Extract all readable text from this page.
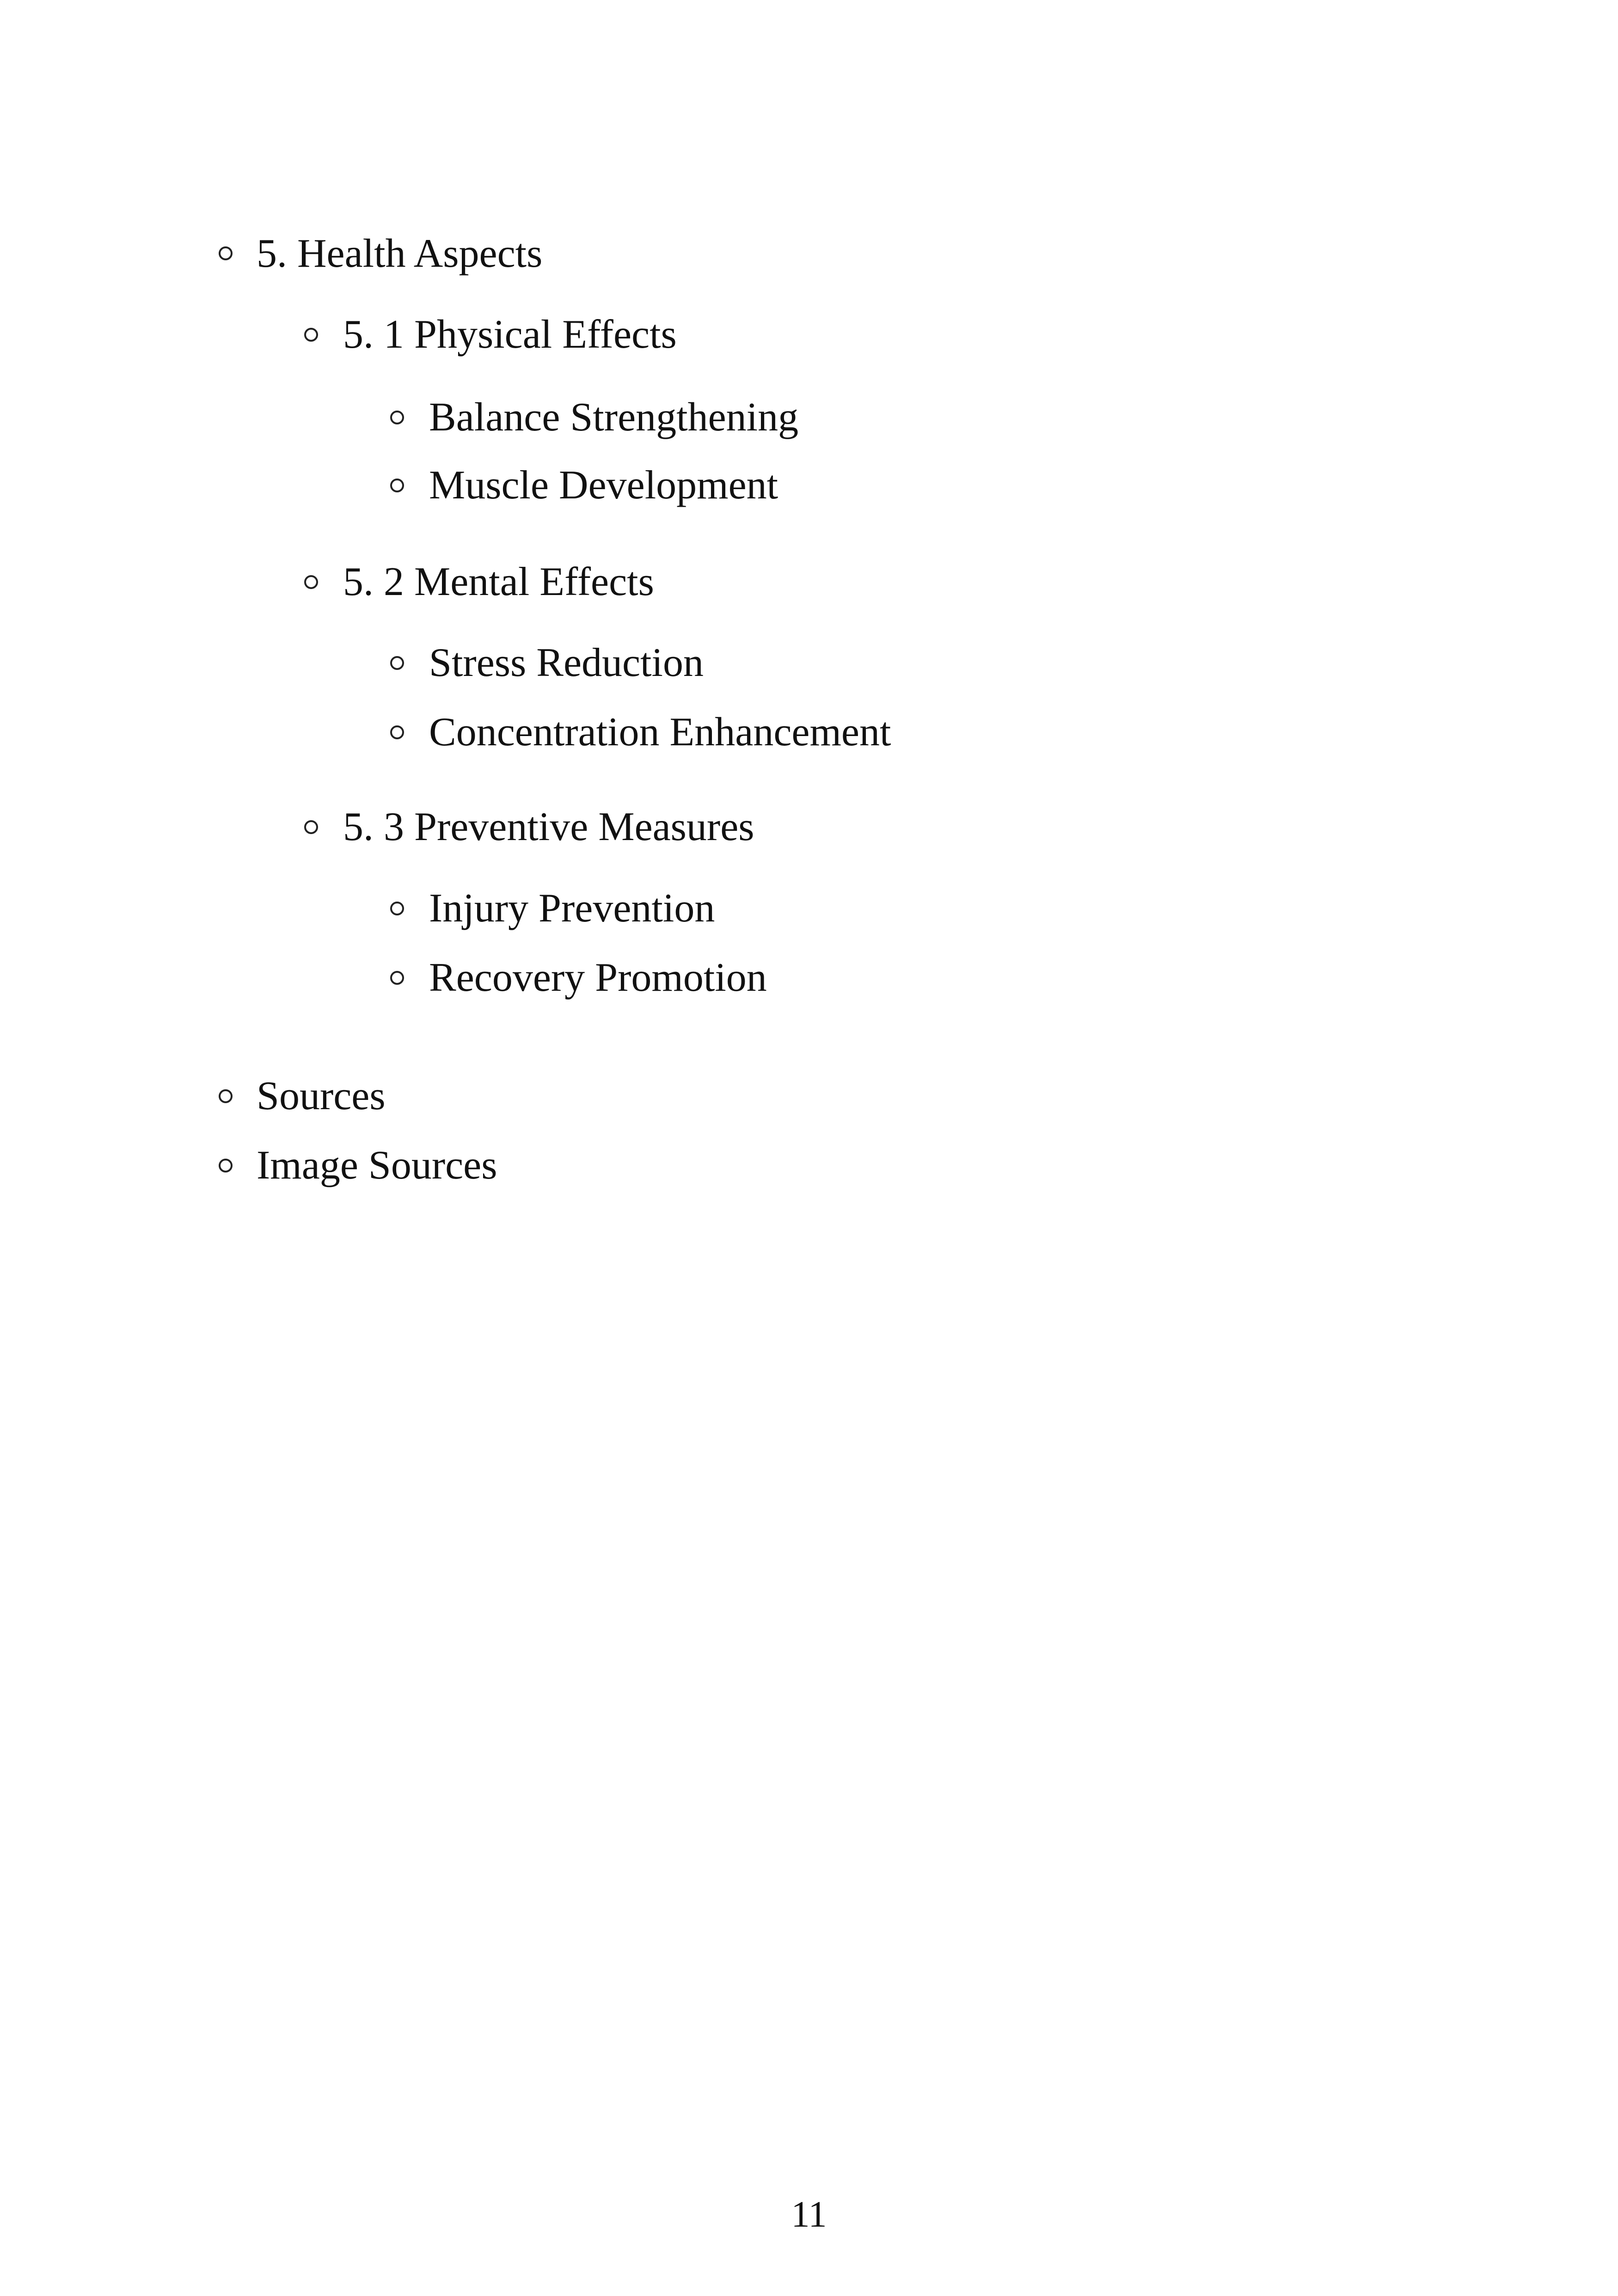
5. Health Aspects
5. 1 Physical Effects
Balance Strengthening
Muscle Development
5. 2 Mental Effects
Stress Reduction
Concentration Enhancement
5. 3 Preventive Measures
Injury Prevention
Recovery Promotion
Sources
Image Sources
11
